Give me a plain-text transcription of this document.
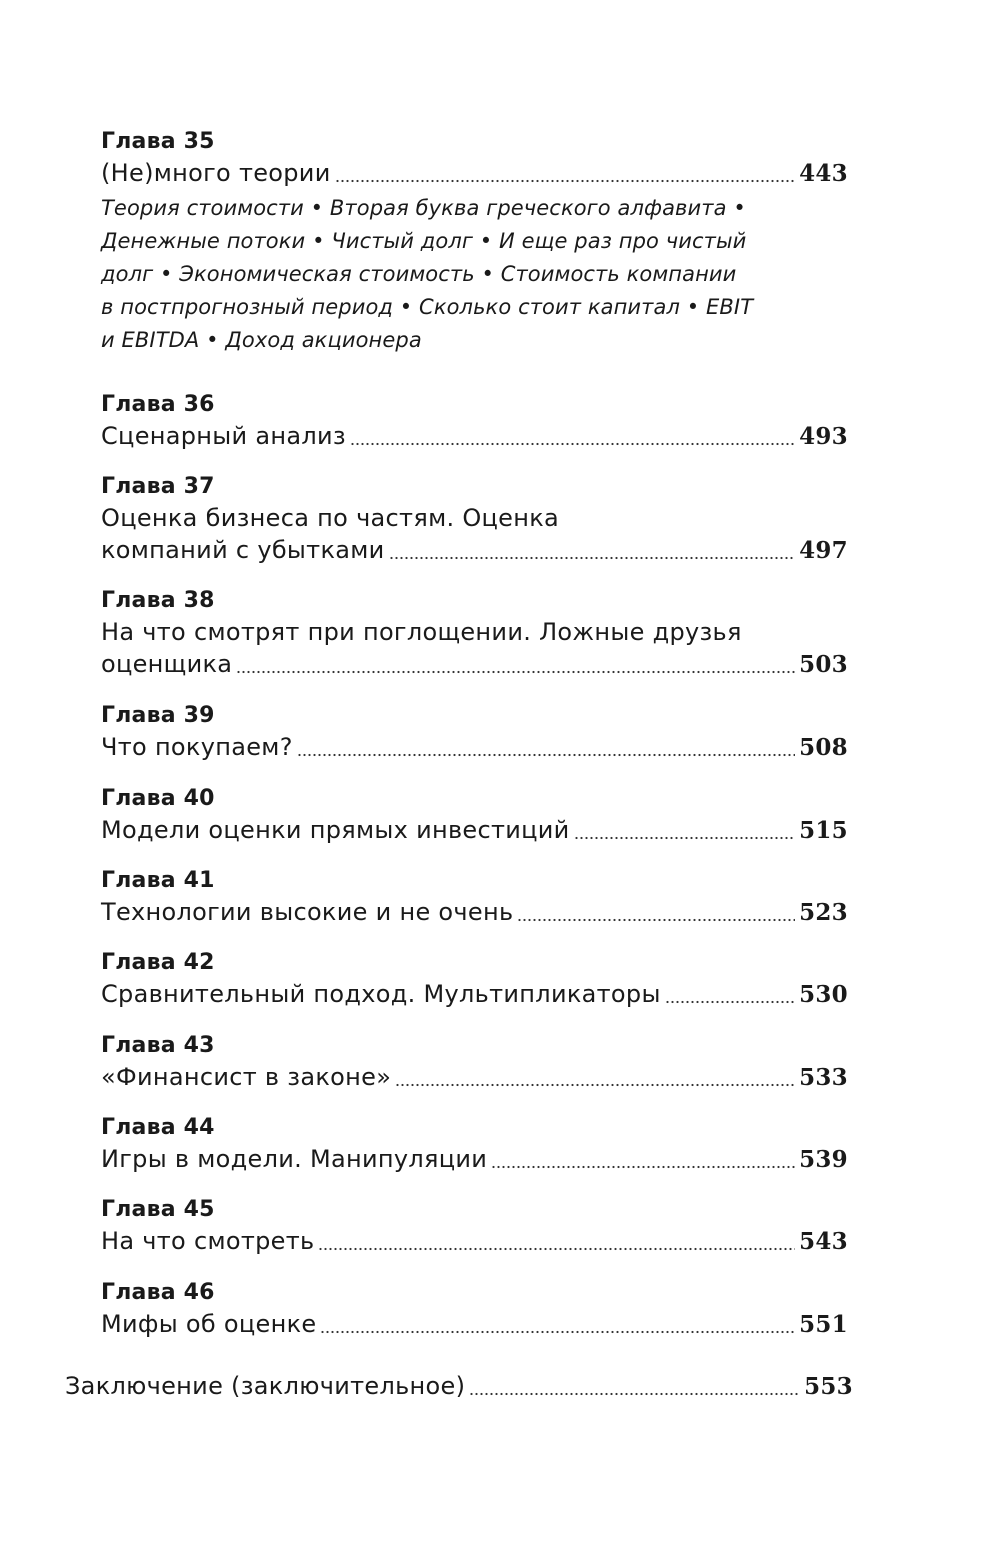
Глава 35
(Не)много теории	443
Теория стоимости • Вторая буква греческого алфавита •
Денежные потоки • Чистый долг • И еще раз про чистый
долг • Экономическая стоимость • Стоимость компании
в постпрогнозный период • Сколько стоит капитал • EBIT
и EBITDA • Доход акционера
Глава 36
Сценарный анализ	493
Глава 37
Оценка бизнеса по частям. Оценка
компаний с убытками	497
Глава 38
На что смотрят при поглощении. Ложные друзья
оценщика	503
Глава 39
Что покупаем?	508
Глава 40
Модели оценки прямых инвестиций	515
Глава 41
Технологии высокие и не очень	523
Глава 42
Сравнительный подход. Мультипликаторы	530
Глава 43
«Финансист в законе»	533
Глава 44
Игры в модели. Манипуляции	539
Глава 45
На что смотреть	543
Глава 46
Мифы об оценке	551
Заключение (заключительное)	553
